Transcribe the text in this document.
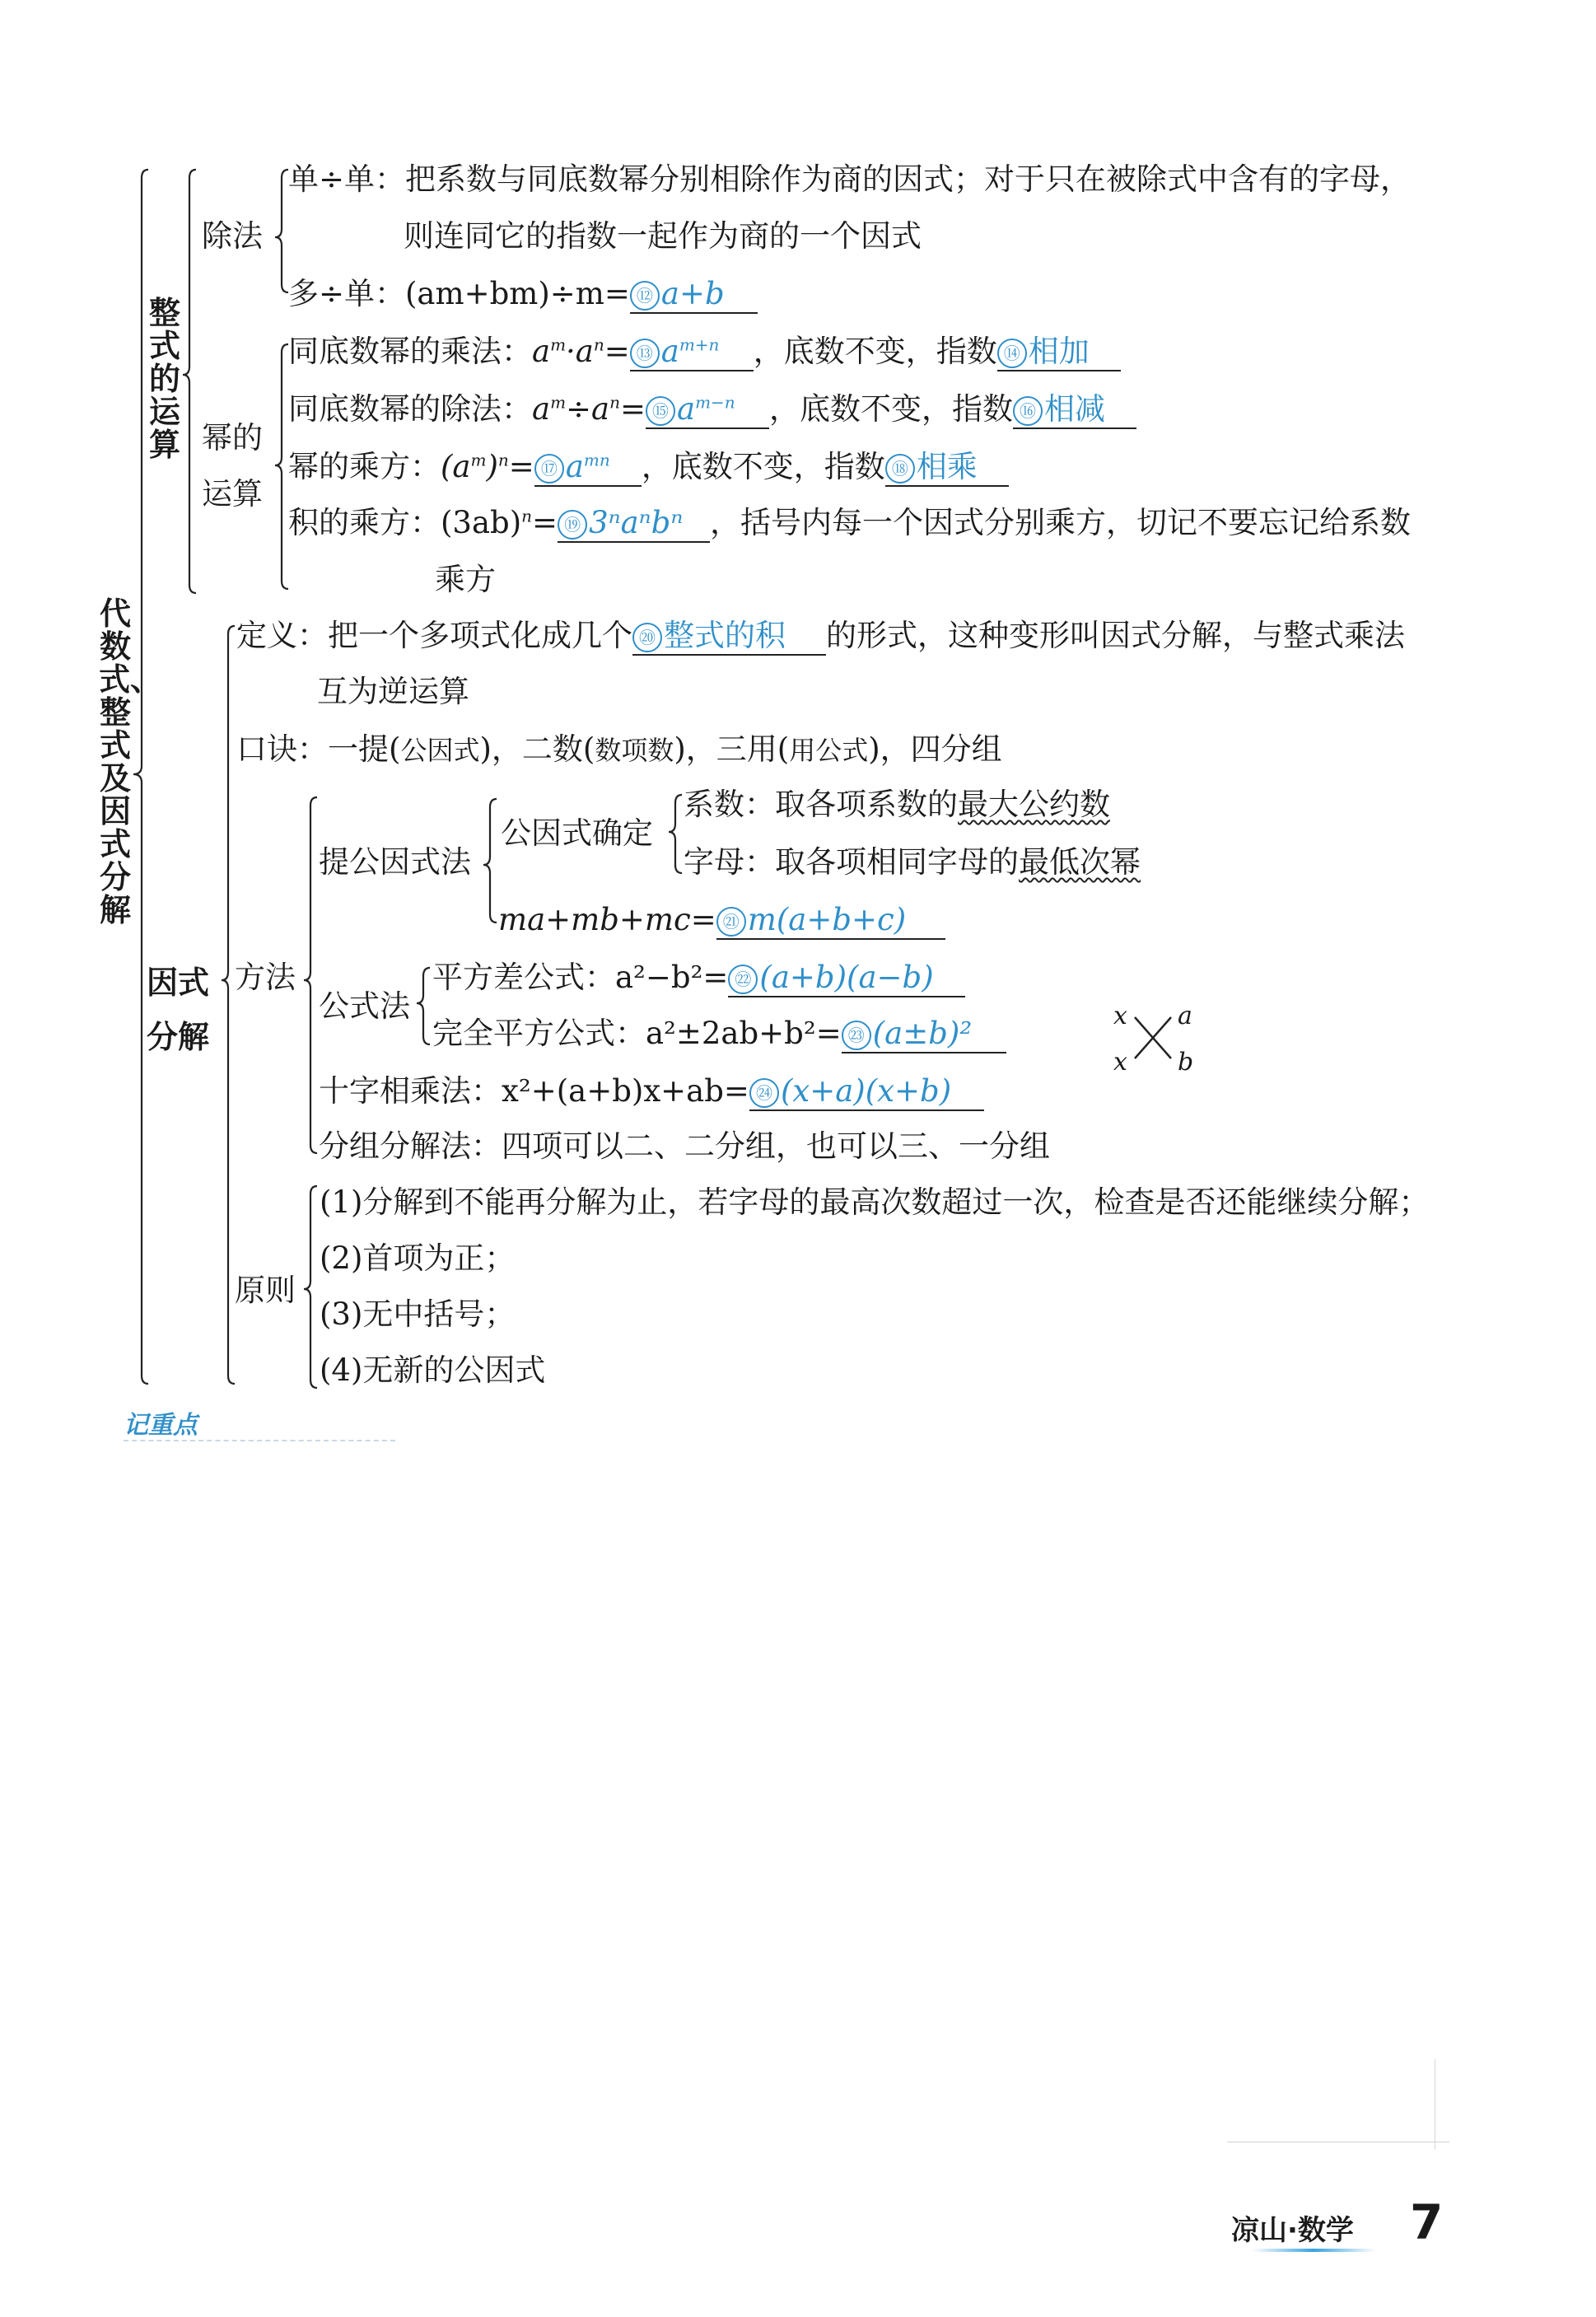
代数式、整式及因式分解
整式的运算
因式分解
除法
单÷单：把系数与同底数幂分别相除作为商的因式；对于只在被除式中含有的字母，
则连同它的指数一起作为商的一个因式
多÷单：(am+bm)÷m= ⑫ a+b
幂的
运算
同底数幂的乘法：$a^m\cdot a^n=$ ⑬ $a^{m+n}$ ，底数不变，指数 ⑭ 相加
同底数幂的除法：$a^m\div a^n=$ ⑮ $a^{m-n}$ ，底数不变，指数 ⑯ 相减
幂的乘方：$(a^m)^n=$ ⑰ $a^{mn}$ ，底数不变，指数 ⑱ 相乘
积的乘方：$(3ab)^n=$ ⑲ 3ⁿaⁿbⁿ ，括号内每一个因式分别乘方，切记不要忘记给系数
乘方
定义：把一个多项式化成几个 ⑳ 整式的积 的形式，这种变形叫因式分解，与整式乘法
互为逆运算
口诀：一提(公因式)，二数(数项数)，三用(用公式)，四分组
方法
提公因式法
公因式确定
系数：取各项系数的最大公约数
字母：取各项相同字母的最低次幂
ma+mb+mc= ㉑ m(a+b+c)
公式法
平方差公式：a²−b²= ㉒ (a+b)(a−b)
完全平方公式：a²±2ab+b²= ㉓ (a±b)²	x
x
a
b
十字相乘法：x²+(a+b)x+ab= ㉔ (x+a)(x+b)
分组分解法：四项可以二、二分组，也可以三、一分组
原则
(1)分解到不能再分解为止，若字母的最高次数超过一次，检查是否还能继续分解；
(2)首项为正；
(3)无中括号；
(4)无新的公因式
记重点
凉山·数学 7
